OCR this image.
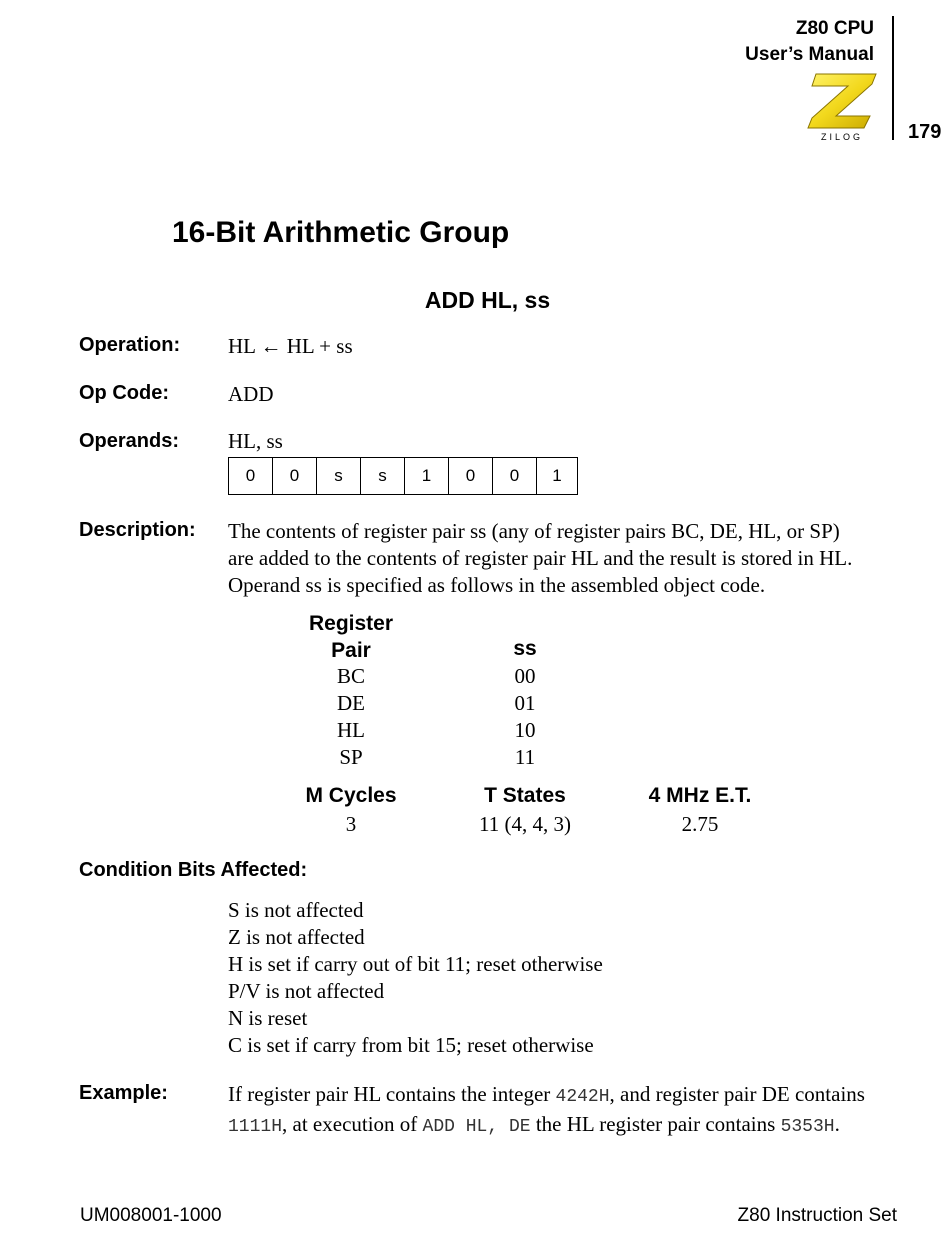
Z80 CPU
User’s Manual
ZILOG 179
16-Bit Arithmetic Group
ADD HL, ss
Operation: HL ← HL + ss
Op Code:	ADD
Operands: HL, ss
0	0	s	s	1	0	0	1
Description: The contents of register pair ss (any of register pairs BC, DE, HL, or SP)
are added to the contents of register pair HL and the result is stored in HL.
Operand ss is specified as follows in the assembled object code.
Register
Pair	ss
BC	00
DE	01
HL	10
SP	11
M Cycles	T States	4 MHz E.T.
3	11 (4, 4, 3)	2.75
Condition Bits Affected:
S is not affected
Z is not affected
H is set if carry out of bit 11; reset otherwise
P/V is not affected
N is reset
C is set if carry from bit 15; reset otherwise
Example:	If register pair HL contains the integer 4242H, and register pair DE contains
1111H, at execution of ADD HL, DE the HL register pair contains 5353H.
UM008001-1000	Z80 Instruction Set
